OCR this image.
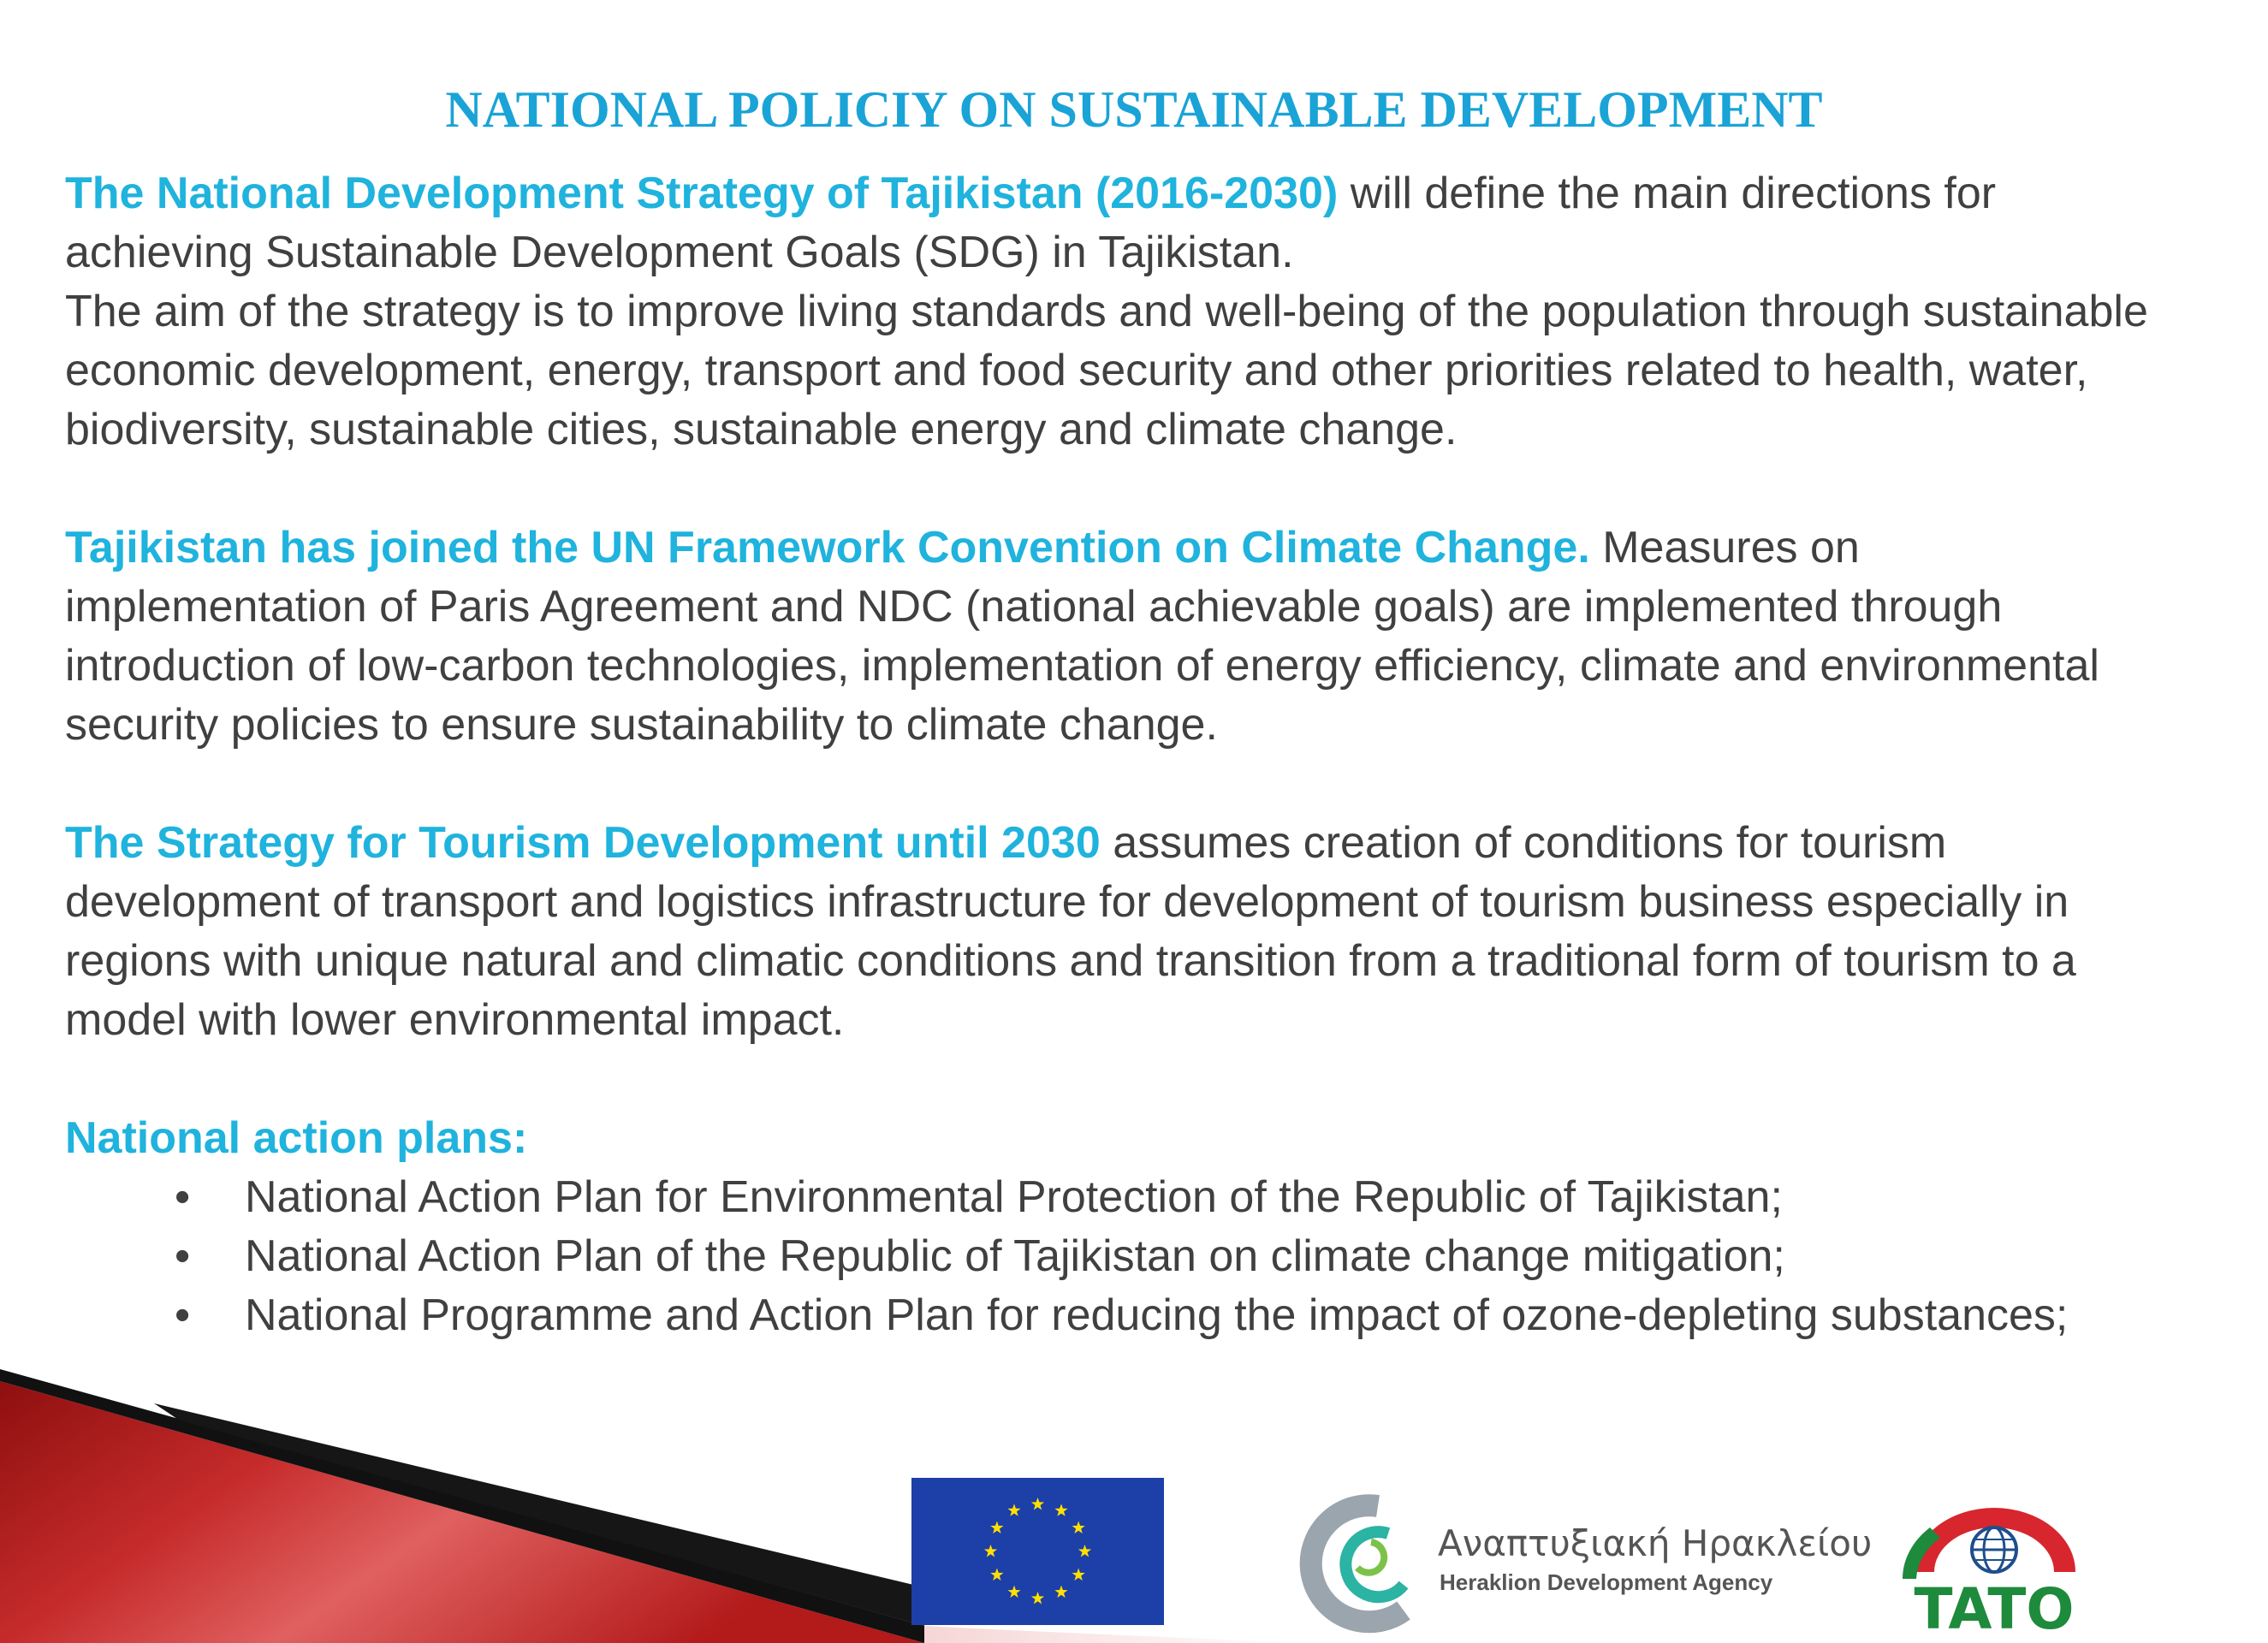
NATIONAL POLICIY ON SUSTAINABLE DEVELOPMENT

The National Development Strategy of Tajikistan (2016-2030) will define the main directions for achieving Sustainable Development Goals (SDG) in Tajikistan.

The aim of the strategy is to improve living standards and well-being of the population through sustainable economic development, energy, transport and food security and other priorities related to health, water, biodiversity, sustainable cities, sustainable energy and climate change.

Tajikistan has joined the UN Framework Convention on Climate Change. Measures on implementation of Paris Agreement and NDC (national achievable goals) are implemented through introduction of low-carbon technologies, implementation of energy efficiency, climate and environmental security policies to ensure sustainability to climate change.

The Strategy for Tourism Development until 2030 assumes creation of conditions for tourism development of transport and logistics infrastructure for development of tourism business especially in regions with unique natural and climatic conditions and transition from a traditional form of tourism to a model with lower environmental impact.

National action plans:

• National Action Plan for Environmental Protection of the Republic of Tajikistan;
• National Action Plan of the Republic of Tajikistan on climate change mitigation;
• National Programme and Action Plan for reducing the impact of ozone-depleting substances;
Αναπτυξιακή Ηρακλείου
Heraklion Development Agency	TATO
